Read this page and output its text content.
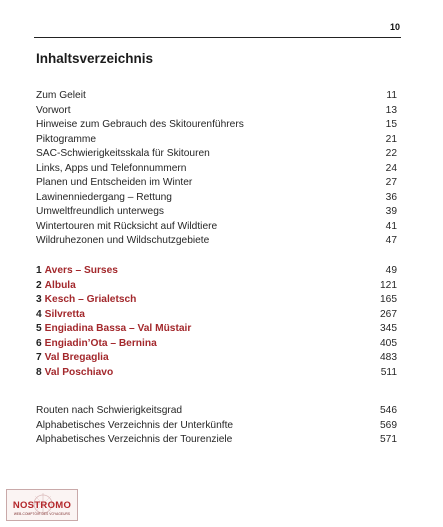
10
Inhaltsverzeichnis
Zum Geleit	11
Vorwort	13
Hinweise zum Gebrauch des Skitourenführers	15
Piktogramme	21
SAC-Schwierigkeitsskala für Skitouren	22
Links, Apps und Telefonnummern	24
Planen und Entscheiden im Winter	27
Lawinenniedergang – Rettung	36
Umweltfreundlich unterwegs	39
Wintertouren mit Rücksicht auf Wildtiere	41
Wildruhezonen und Wildschutzgebiete	47
1 Avers – Surses	49
2 Albula	121
3 Kesch – Grialetsch	165
4 Silvretta	267
5 Engiadina Bassa – Val Müstair	345
6 Engiadin’Ota – Bernina	405
7 Val Bregaglia	483
8 Val Poschiavo	511
Routen nach Schwierigkeitsgrad	546
Alphabetisches Verzeichnis der Unterkünfte	569
Alphabetisches Verzeichnis der Tourenziele	571
NOSTROMO
WEB-COMPTOIR DES VOYAGEURS
